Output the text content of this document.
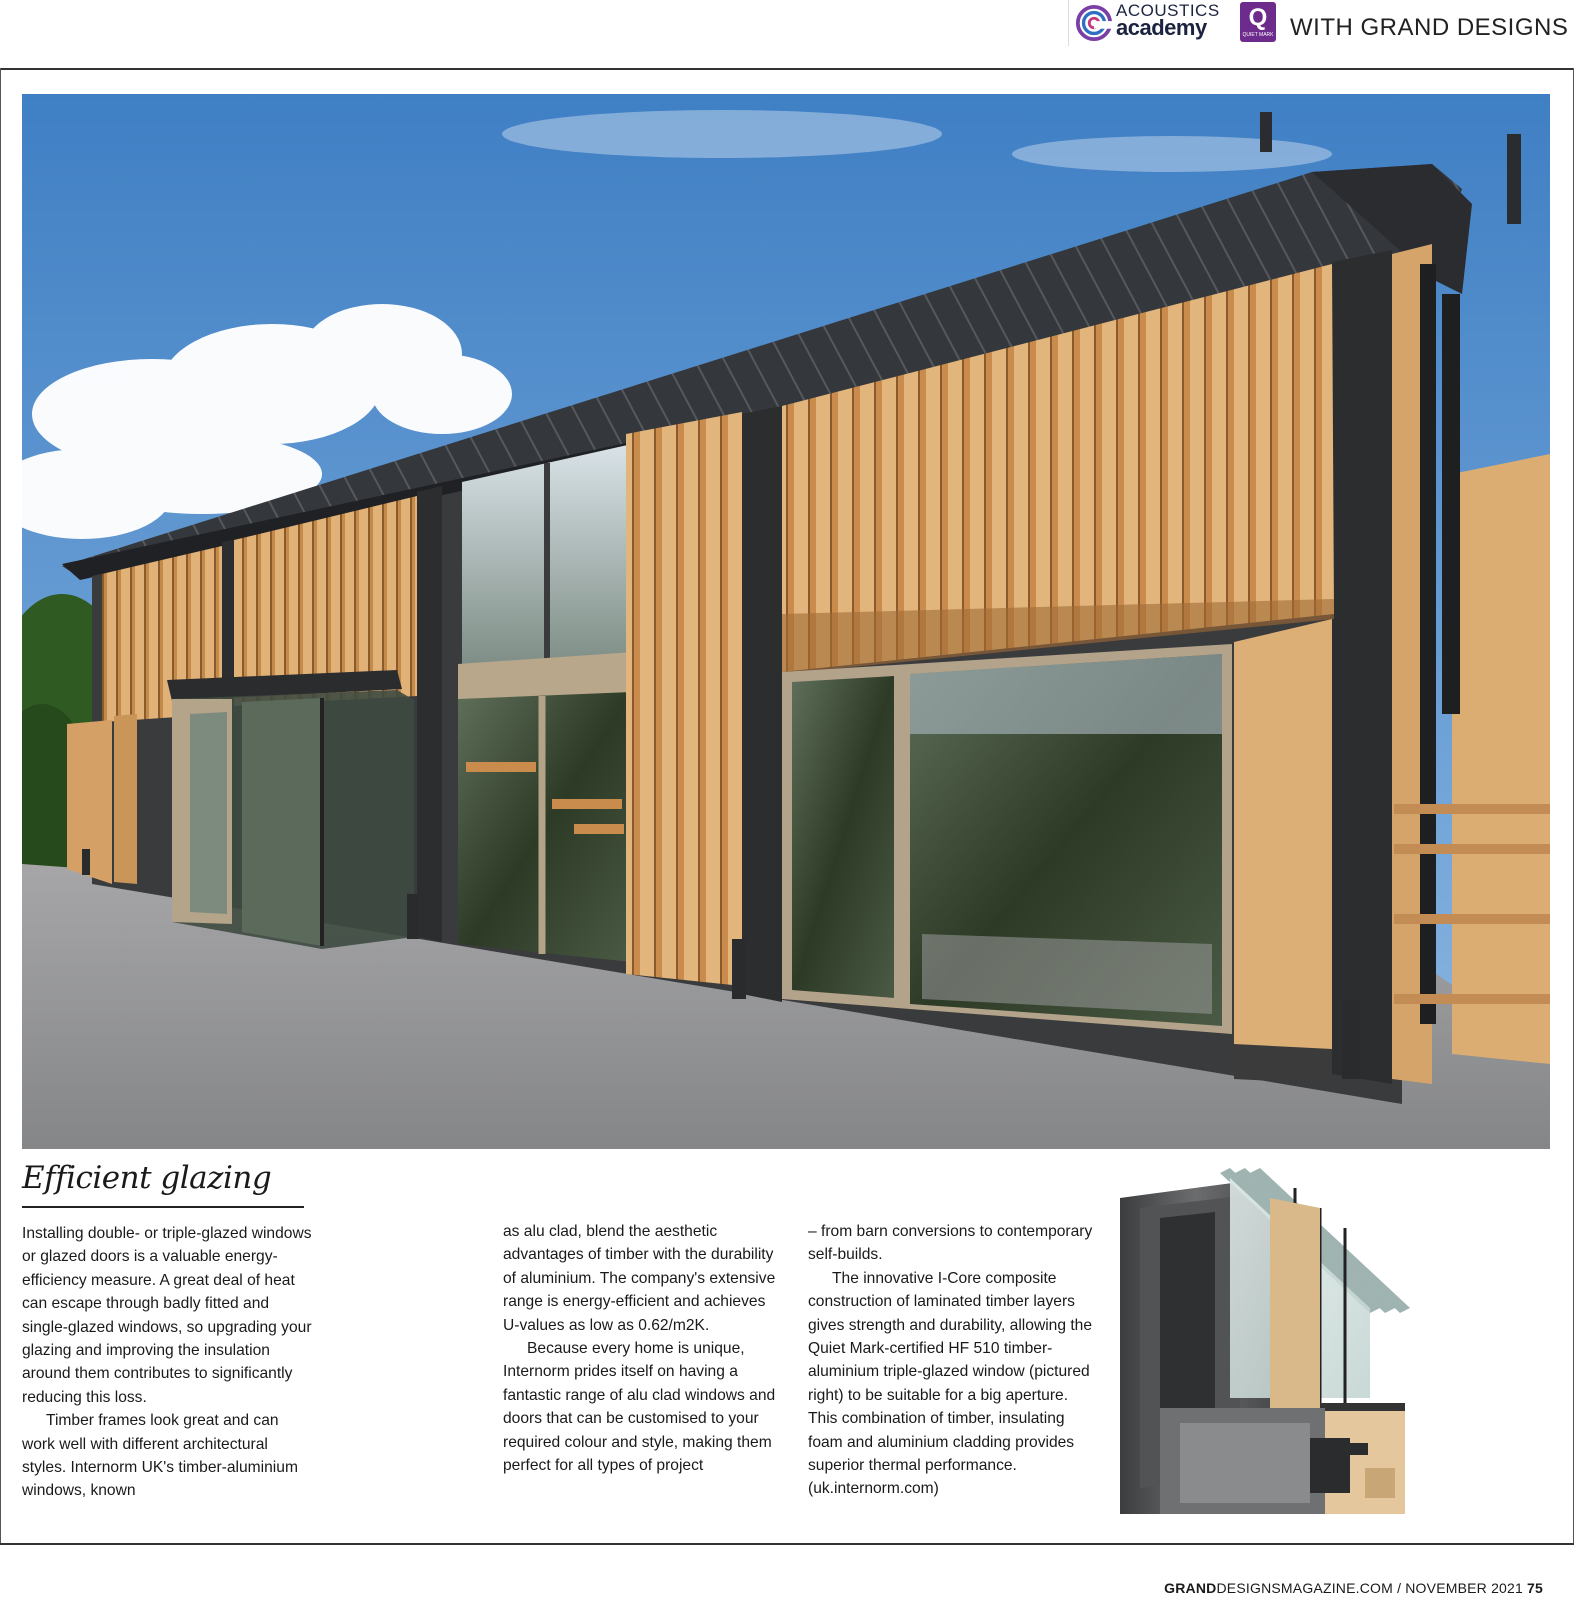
ACOUSTICS
academy	Q
QUIET MARK WITH GRAND DESIGNS
Efficient glazing

Installing double- or triple-glazed windows or glazed doors is a valuable energy-efficiency measure. A great deal of heat can escape through badly fitted and single-glazed windows, so upgrading your glazing and improving the insulation around them contributes to significantly reducing this loss.

Timber frames look great and can work well with different architectural styles. Internorm UK's timber-aluminium windows, known

as alu clad, blend the aesthetic advantages of timber with the durability of aluminium. The company's extensive range is energy-efficient and achieves U-values as low as 0.62/m2K.

Because every home is unique, Internorm prides itself on having a fantastic range of alu clad windows and doors that can be customised to your required colour and style, making them perfect for all types of project

– from barn conversions to contemporary self-builds.

The innovative I-Core composite construction of laminated timber layers gives strength and durability, allowing the Quiet Mark-certified HF 510 timber-aluminium triple-glazed window (pictured right) to be suitable for a big aperture. This combination of timber, insulating foam and aluminium cladding provides superior thermal performance. (uk.internorm.com)

GRANDDESIGNSMAGAZINE.COM / NOVEMBER 2021 75
